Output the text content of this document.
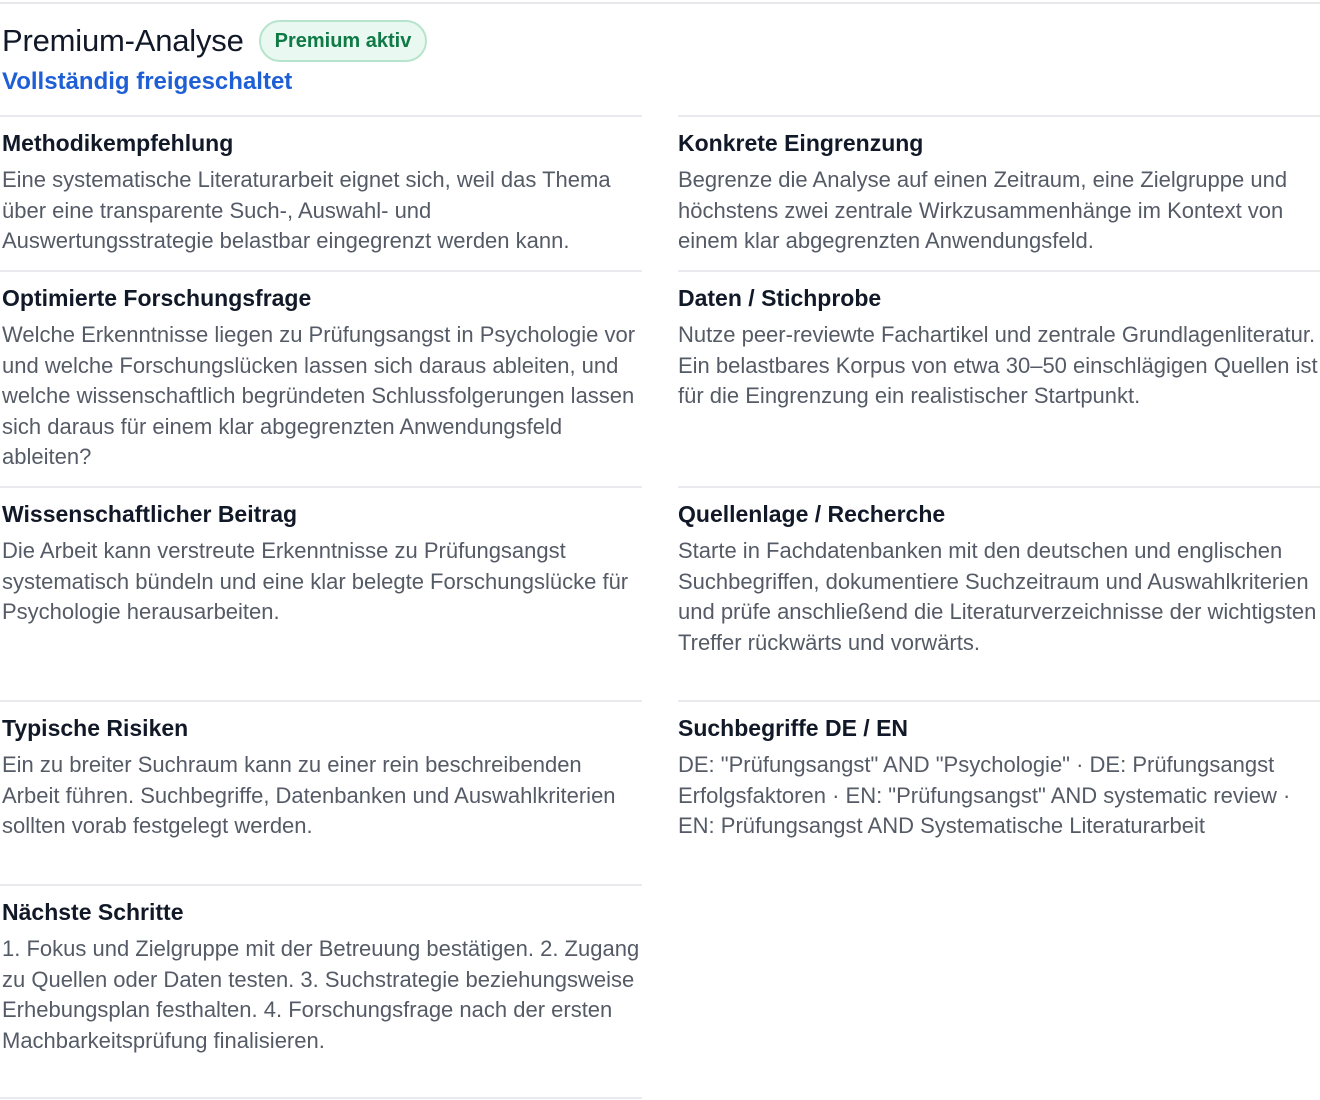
Premium-Analyse	Premium aktiv
Vollständig freigeschaltet
Methodikempfehlung

Eine systematische Literaturarbeit eignet sich, weil das Thema über eine transparente Such-, Auswahl- und Auswertungsstrategie belastbar eingegrenzt werden kann.

Optimierte Forschungsfrage

Welche Erkenntnisse liegen zu Prüfungsangst in Psychologie vor und welche Forschungslücken lassen sich daraus ableiten, und welche wissenschaftlich begründeten Schlussfolgerungen lassen sich daraus für einem klar abgegrenzten Anwendungsfeld ableiten?

Wissenschaftlicher Beitrag

Die Arbeit kann verstreute Erkenntnisse zu Prüfungsangst systematisch bündeln und eine klar belegte Forschungslücke für Psychologie herausarbeiten.

Typische Risiken

Ein zu breiter Suchraum kann zu einer rein beschreibenden Arbeit führen. Suchbegriffe, Datenbanken und Auswahlkriterien sollten vorab festgelegt werden.

Nächste Schritte

1. Fokus und Zielgruppe mit der Betreuung bestätigen. 2. Zugang zu Quellen oder Daten testen. 3. Suchstrategie beziehungsweise Erhebungsplan festhalten. 4. Forschungsfrage nach der ersten Machbarkeitsprüfung finalisieren.

Konkrete Eingrenzung

Begrenze die Analyse auf einen Zeitraum, eine Zielgruppe und höchstens zwei zentrale Wirkzusammenhänge im Kontext von einem klar abgegrenzten Anwendungsfeld.

Daten / Stichprobe

Nutze peer-reviewte Fachartikel und zentrale Grundlagenliteratur. Ein belastbares Korpus von etwa 30–50 einschlägigen Quellen ist für die Eingrenzung ein realistischer Startpunkt.

Quellenlage / Recherche

Starte in Fachdatenbanken mit den deutschen und englischen Suchbegriffen, dokumentiere Suchzeitraum und Auswahlkriterien und prüfe anschließend die Literaturverzeichnisse der wichtigsten Treffer rückwärts und vorwärts.

Suchbegriffe DE / EN

DE: "Prüfungsangst" AND "Psychologie" · DE: Prüfungsangst Erfolgsfaktoren · EN: "Prüfungsangst" AND systematic review · EN: Prüfungsangst AND Systematische Literaturarbeit
